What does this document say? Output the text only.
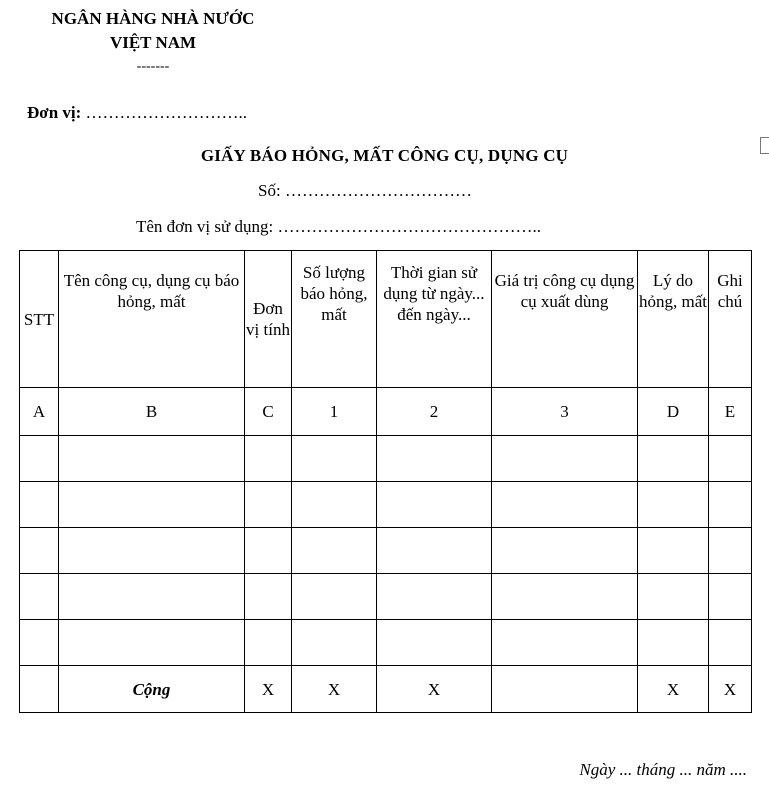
NGÂN HÀNG NHÀ NƯỚC
VIỆT NAM
-------
Đơn vị: ………………………..
GIẤY BÁO HỎNG, MẤT CÔNG CỤ, DỤNG CỤ
Số: ……………………………
Tên đơn vị sử dụng: ………………………………………..
STT	Tên công cụ, dụng cụ báo hỏng, mất	Đơn vị tính	Số lượng báo hỏng, mất	Thời gian sử dụng từ ngày... đến ngày...	Giá trị công cụ dụng cụ xuất dùng	Lý do hỏng, mất	Ghi chú
A	B	C	1	2	3	D	E

	Cộng	X	X	X		X	X
Ngày ... tháng ... năm ....
